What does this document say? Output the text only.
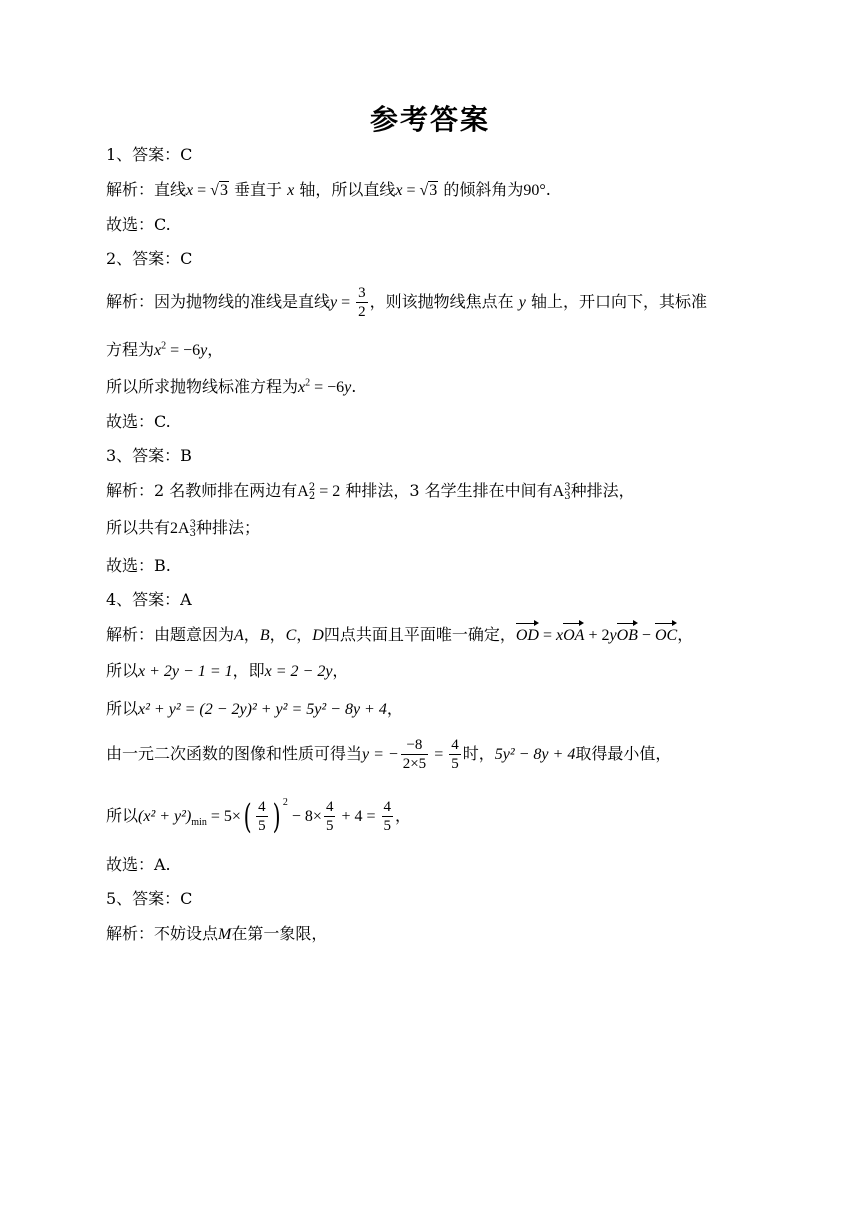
参考答案
1、答案：C
解析：直线x = √3 垂直于 x 轴，所以直线x = √3 的倾斜角为90°.
故选：C.
2、答案：C
解析：因为抛物线的准线是直线$y = \frac{3}{2}$ ，则该抛物线焦点在 y 轴上，开口向下，其标准
方程为$x^2 = -6y$，
所以所求抛物线标准方程为$x^2 = -6y$.
故选：C.
3、答案：B
解析：2 名教师排在两边有A 2
2 = 2 种排法，3 名学生排在中间有A 3
3 种排法，
所以共有2A 3
3 种排法；
故选：B.
4、答案：A
解析：由题意因为A，B，C，D四点共面且平面唯一确定，OD = xOA + 2yOB − OC，
所以x + 2y − 1 = 1，即x = 2 − 2y，
所以x² + y² = (2 − 2y)² + y² = 5y² − 8y + 4，
由一元二次函数的图像和性质可得当y = − $\frac{-8}{2\times 5} = \frac{4}{5}$ 时，5y² − 8y + 4取得最小值，
所以$(x^2 + y^2)_{min} = 5\times( \frac{4}{5}$ ) $^2 - 8\times \frac{4}{5} + 4 = \frac{4}{5}$ ，
故选：A.
5、答案：C
解析：不妨设点M在第一象限，
